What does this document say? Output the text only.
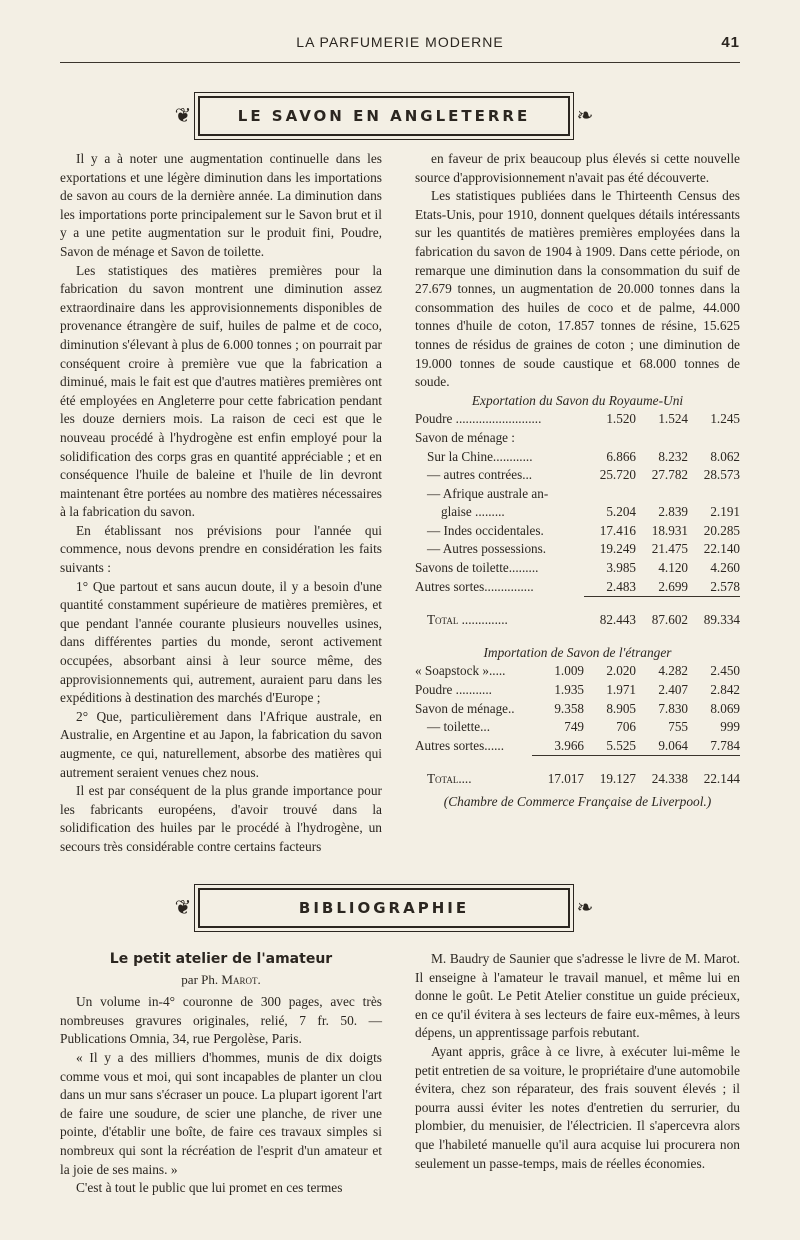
LA PARFUMERIE MODERNE	41
❦	LE SAVON EN ANGLETERRE ❧

Il y a à noter une augmentation continuelle dans les exportations et une légère diminution dans les importations de savon au cours de la dernière année. La diminution dans les importations porte principalement sur le Savon brut et il y a une petite augmentation sur le produit fini, Poudre, Savon de ménage et Savon de toilette.

Les statistiques des matières premières pour la fabrication du savon montrent une diminution assez extraordinaire dans les approvisionnements disponibles de provenance étrangère de suif, huiles de palme et de coco, diminution s'élevant à plus de 6.000 tonnes ; on pourrait par conséquent croire à première vue que la fabrication a diminué, mais le fait est que d'autres matières premières ont été employées en Angleterre pour cette fabrication pendant les douze derniers mois. La raison de ceci est que le nouveau procédé à l'hydrogène est enfin employé pour la solidification des corps gras en quantité appréciable ; et en conséquence l'huile de baleine et l'huile de lin devront maintenant être portées au nombre des matières nécessaires à la fabrication du savon.

En établissant nos prévisions pour l'année qui commence, nous devons prendre en considération les faits suivants :

1° Que partout et sans aucun doute, il y a besoin d'une quantité constamment supérieure de matières premières, et que pendant l'année courante plusieurs nouvelles usines, dans différentes parties du monde, seront activement occupées, absorbant ainsi à leur source même, des approvisionnements qui, autrement, auraient paru dans les expéditions à destination des marchés d'Europe ;

2° Que, particulièrement dans l'Afrique australe, en Australie, en Argentine et au Japon, la fabrication du savon augmente, ce qui, naturellement, absorbe des matières qui autrement seraient venues chez nous.

Il est par conséquent de la plus grande importance pour les fabricants européens, d'avoir trouvé dans la solidification des huiles par le procédé à l'hydrogène, un secours très considérable contre certains facteurs

en faveur de prix beaucoup plus élevés si cette nouvelle source d'approvisionnement n'avait pas été découverte.

Les statistiques publiées dans le Thirteenth Census des Etats-Unis, pour 1910, donnent quelques détails intéressants sur les quantités de matières premières employées dans la fabrication du savon de 1904 à 1909. Dans cette période, on remarque une diminution dans la consommation du suif de 27.679 tonnes, un augmentation de 20.000 tonnes dans la consommation des huiles de coco et de palme, 44.000 tonnes d'huile de coton, 17.857 tonnes de résine, 15.625 tonnes de résidus de graines de coton ; une diminution de 19.000 tonnes de soude caustique et 68.000 tonnes de soude.

Exportation du Savon du Royaume-Uni

Poudre ..........................	1.520	1.524	1.245
Savon de ménage :			
Sur la Chine............	6.866	8.232	8.062
— autres contrées...	25.720	27.782	28.573
— Afrique australe an-			
glaise .........	5.204	2.839	2.191
— Indes occidentales.	17.416	18.931	20.285
— Autres possessions.	19.249	21.475	22.140
Savons de toilette.........	3.985	4.120	4.260
Autres sortes...............	2.483	2.699	2.578
Total ..............	82.443	87.602	89.334

Importation de Savon de l'étranger

« Soapstock ».....	1.009	2.020	4.282	2.450
Poudre ...........	1.935	1.971	2.407	2.842
Savon de ménage..	9.358	8.905	7.830	8.069
— toilette...	749	706	755	999
Autres sortes......	3.966	5.525	9.064	7.784
Total....	17.017	19.127	24.338	22.144
(Chambre de Commerce Française de Liverpool.)
❦	BIBLIOGRAPHIE	❧
Le petit atelier de l'amateur
par Ph. Marot.

Un volume in-4° couronne de 300 pages, avec très nombreuses gravures originales, relié, 7 fr. 50. — Publications Omnia, 34, rue Pergolèse, Paris.

« Il y a des milliers d'hommes, munis de dix doigts comme vous et moi, qui sont incapables de planter un clou dans un mur sans s'écraser un pouce. La plupart igorent l'art de faire une soudure, de scier une planche, de river une pointe, d'établir une boîte, de faire ces travaux simples si nombreux qui sont la récréation de l'esprit d'un amateur et la joie de ses mains. »

C'est à tout le public que lui promet en ces termes

M. Baudry de Saunier que s'adresse le livre de M. Marot. Il enseigne à l'amateur le travail manuel, et même lui en donne le goût. Le Petit Atelier constitue un guide précieux, en ce qu'il évitera à ses lecteurs de faire eux-mêmes, à leurs dépens, un apprentissage parfois rebutant.

Ayant appris, grâce à ce livre, à exécuter lui-même le petit entretien de sa voiture, le propriétaire d'une automobile évitera, chez son réparateur, des frais souvent élevés ; il pourra aussi éviter les notes d'entretien du serrurier, du plombier, du menuisier, de l'électricien. Il s'apercevra alors que l'habileté manuelle qu'il aura acquise lui procurera non seulement un passe-temps, mais de réelles économies.
